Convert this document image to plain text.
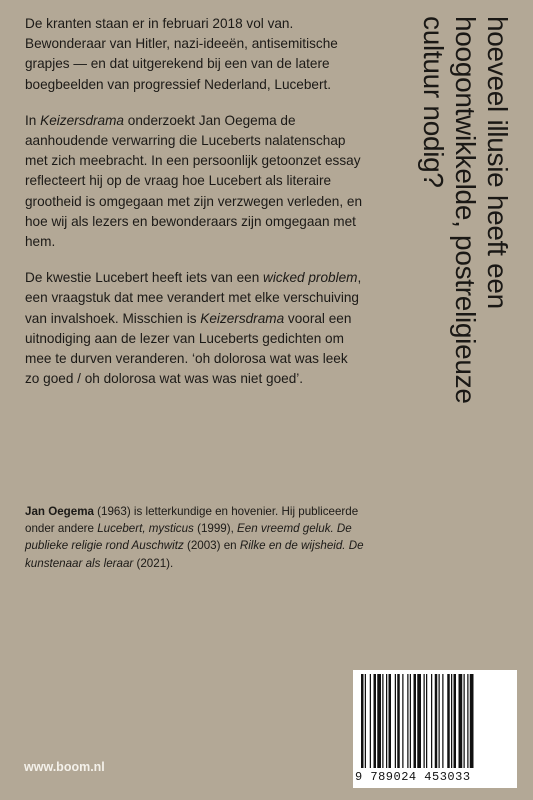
De kranten staan er in februari 2018 vol van. Bewonderaar van Hitler, nazi-ideeën, antisemitische grapjes — en dat uitgerekend bij een van de latere boegbeelden van progressief Nederland, Lucebert.

In Keizersdrama onderzoekt Jan Oegema de aanhoudende verwarring die Luceberts nalatenschap met zich meebracht. In een persoonlijk getoonzet essay reflecteert hij op de vraag hoe Lucebert als literaire grootheid is omgegaan met zijn verzwegen verleden, en hoe wij als lezers en bewonderaars zijn omgegaan met hem.

De kwestie Lucebert heeft iets van een wicked problem, een vraagstuk dat mee verandert met elke verschuiving van invalshoek. Misschien is Keizersdrama vooral een uitnodiging aan de lezer van Luceberts gedichten om mee te durven veranderen. ‘oh dolorosa wat was leek zo goed / oh dolorosa wat was was niet goed’.

Jan Oegema (1963) is letterkundige en hovenier. Hij publiceerde onder andere Lucebert, mysticus (1999), Een vreemd geluk. De publieke religie rond Auschwitz (2003) en Rilke en de wijsheid. De kunstenaar als leraar (2021).

hoeveel illusie heeft een
hoogontwikkelde, postreligieuze
cultuur nodig?
www.boom.nl
9 789024 453033
